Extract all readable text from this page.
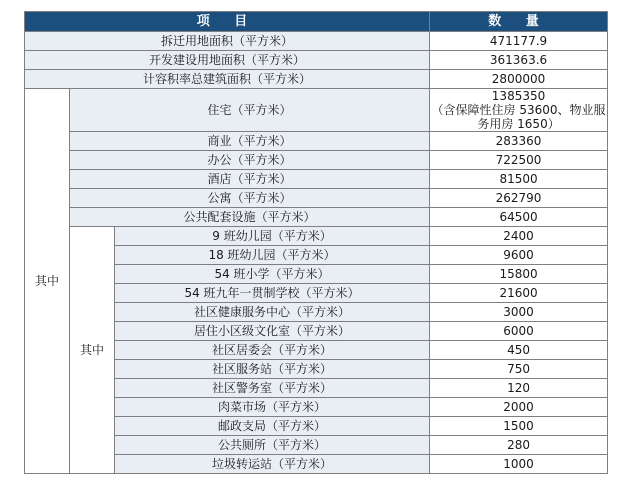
项 目			数 量
拆迁用地面积（平方米）			471177.9
开发建设用地面积（平方米）			361363.6
计容积率总建筑面积（平方米）			2800000
其中	住宅（平方米）		1385350
（含保障性住房 53600、物业服
务用房 1650）

	商业（平方米）		283360
	办公（平方米）		722500
	酒店（平方米）		81500
	公寓（平方米）		262790
	公共配套设施（平方米）		64500
	其中	9 班幼儿园（平方米）	2400
		18 班幼儿园（平方米）	9600
		54 班小学（平方米）	15800
		54 班九年一贯制学校（平方米）	21600
		社区健康服务中心（平方米）	3000
		居住小区级文化室（平方米）	6000
		社区居委会（平方米）	450
		社区服务站（平方米）	750
		社区警务室（平方米）	120
		肉菜市场（平方米）	2000
		邮政支局（平方米）	1500
		公共厕所（平方米）	280
		垃圾转运站（平方米）	1000
